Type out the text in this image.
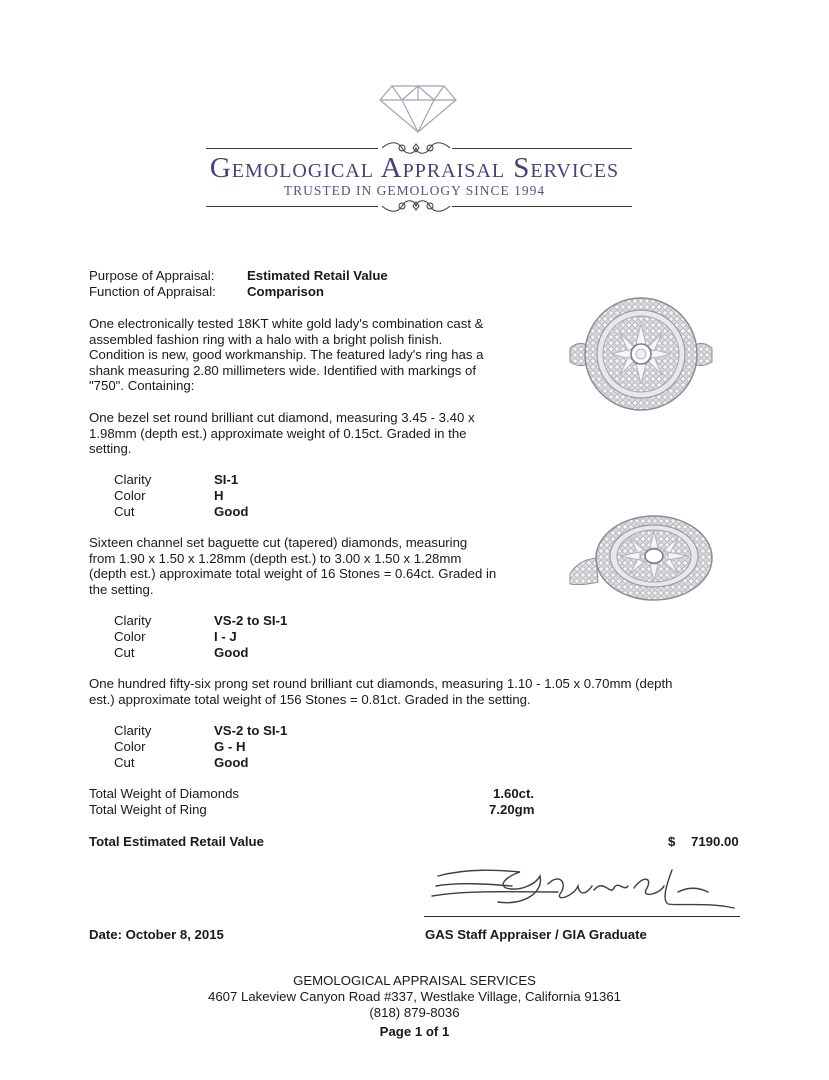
Gemological Appraisal Services
TRUSTED IN GEMOLOGY SINCE 1994
Purpose of Appraisal: Estimated Retail Value
Function of Appraisal: Comparison
One electronically tested 18KT white gold lady's combination cast & assembled fashion ring with a halo with a bright polish finish. Condition is new, good workmanship. The featured lady's ring has a shank measuring 2.80 millimeters wide. Identified with markings of "750". Containing:
One bezel set round brilliant cut diamond, measuring 3.45 - 3.40 x 1.98mm (depth est.) approximate weight of 0.15ct. Graded in the setting.
Clarity	SI-1
Color	H
Cut	Good
Sixteen channel set baguette cut (tapered) diamonds, measuring from 1.90 x 1.50 x 1.28mm (depth est.) to 3.00 x 1.50 x 1.28mm (depth est.) approximate total weight of 16 Stones = 0.64ct. Graded in the setting.
Clarity	VS-2 to SI-1
Color	I - J
Cut	Good
One hundred fifty-six prong set round brilliant cut diamonds, measuring 1.10 - 1.05 x 0.70mm (depth est.) approximate total weight of 156 Stones = 0.81ct. Graded in the setting.
Clarity	VS-2 to SI-1
Color	G - H
Cut	Good
Total Weight of Diamonds	1.60ct.
Total Weight of Ring	7.20gm
Total Estimated Retail Value	$ 7190.00
Date: October 8, 2015	GAS Staff Appraiser / GIA Graduate
GEMOLOGICAL APPRAISAL SERVICES
4607 Lakeview Canyon Road #337, Westlake Village, California 91361
(818) 879-8036
Page 1 of 1
